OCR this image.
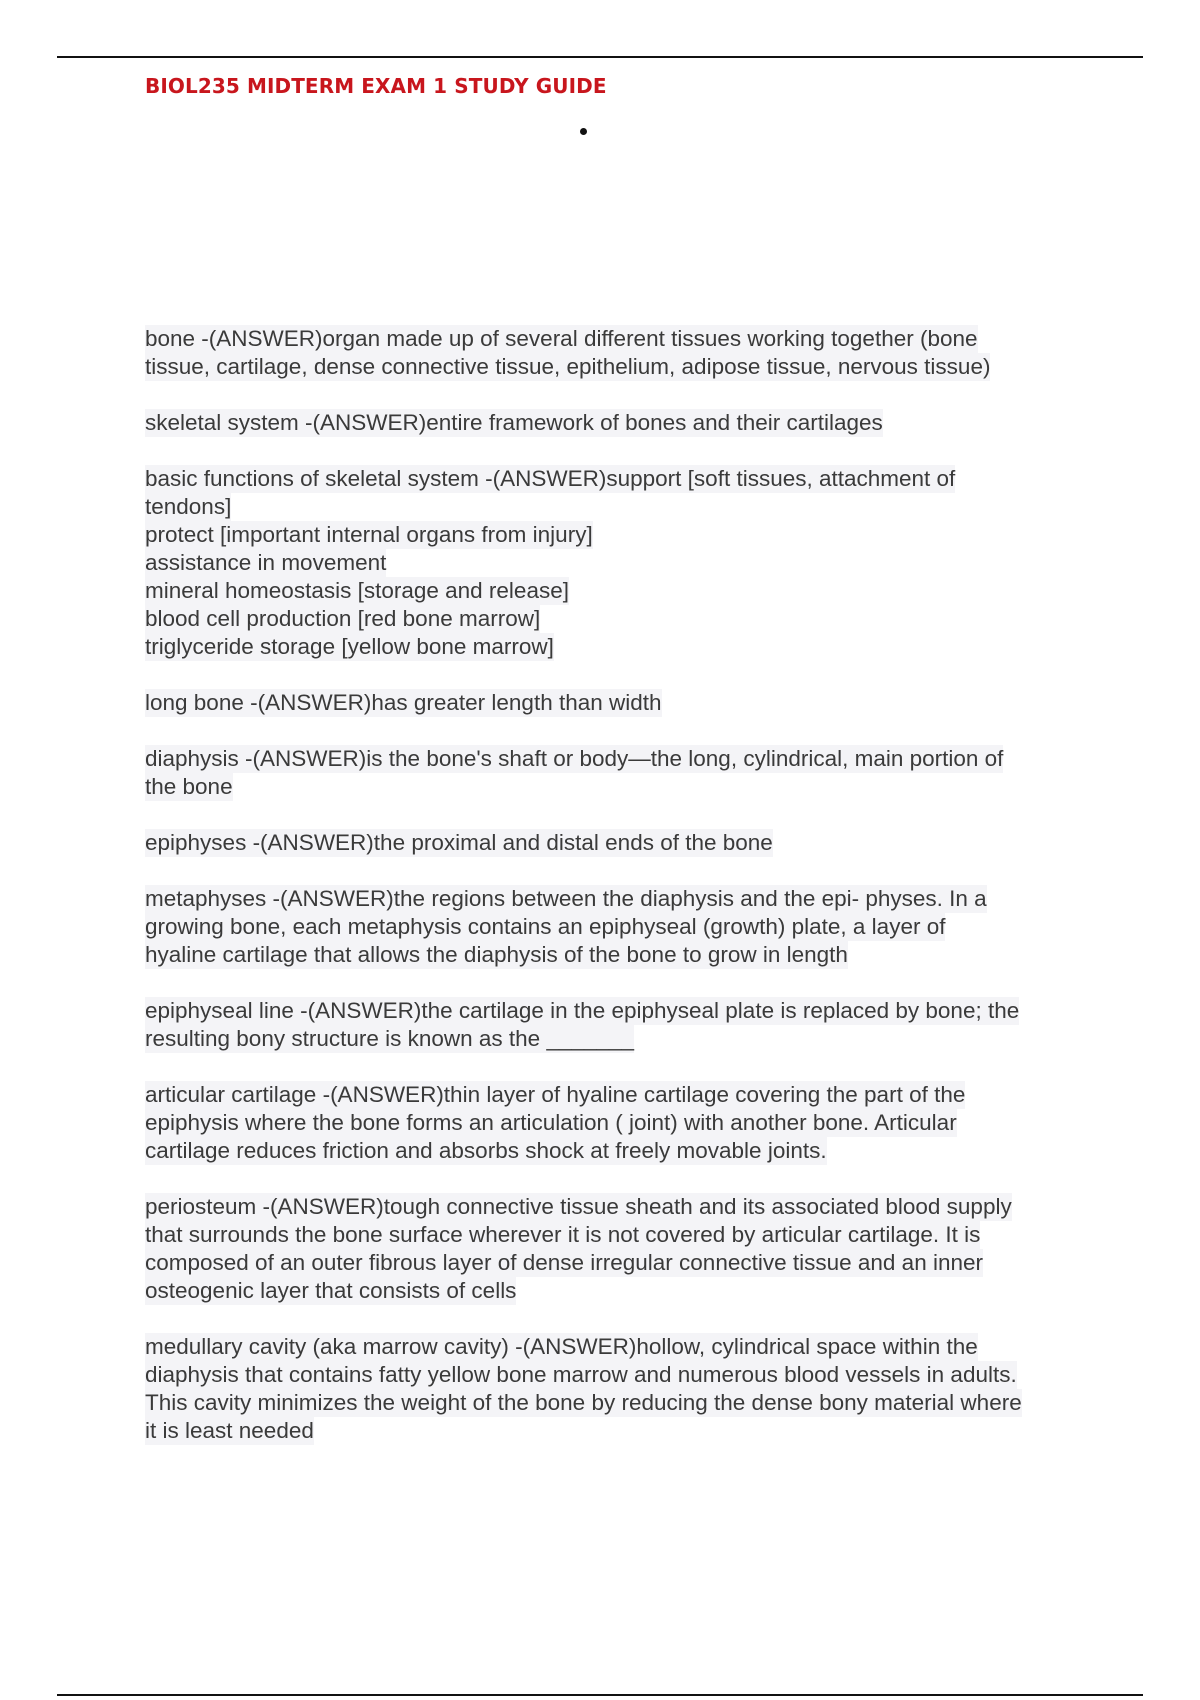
BIOL235 MIDTERM EXAM 1 STUDY GUIDE

bone -(ANSWER)organ made up of several different tissues working together (bone
tissue, cartilage, dense connective tissue, epithelium, adipose tissue, nervous tissue)

skeletal system -(ANSWER)entire framework of bones and their cartilages

basic functions of skeletal system -(ANSWER)support [soft tissues, attachment of
tendons]
protect [important internal organs from injury]
assistance in movement
mineral homeostasis [storage and release]
blood cell production [red bone marrow]
triglyceride storage [yellow bone marrow]

long bone -(ANSWER)has greater length than width

diaphysis -(ANSWER)is the bone's shaft or body—the long, cylindrical, main portion of
the bone

epiphyses -(ANSWER)the proximal and distal ends of the bone

metaphyses -(ANSWER)the regions between the diaphysis and the epi- physes. In a
growing bone, each metaphysis contains an epiphyseal (growth) plate, a layer of
hyaline cartilage that allows the diaphysis of the bone to grow in length

epiphyseal line -(ANSWER)the cartilage in the epiphyseal plate is replaced by bone; the
resulting bony structure is known as the _______

articular cartilage -(ANSWER)thin layer of hyaline cartilage covering the part of the
epiphysis where the bone forms an articulation ( joint) with another bone. Articular
cartilage reduces friction and absorbs shock at freely movable joints.

periosteum -(ANSWER)tough connective tissue sheath and its associated blood supply
that surrounds the bone surface wherever it is not covered by articular cartilage. It is
composed of an outer fibrous layer of dense irregular connective tissue and an inner
osteogenic layer that consists of cells

medullary cavity (aka marrow cavity) -(ANSWER)hollow, cylindrical space within the
diaphysis that contains fatty yellow bone marrow and numerous blood vessels in adults.
This cavity minimizes the weight of the bone by reducing the dense bony material where
it is least needed
